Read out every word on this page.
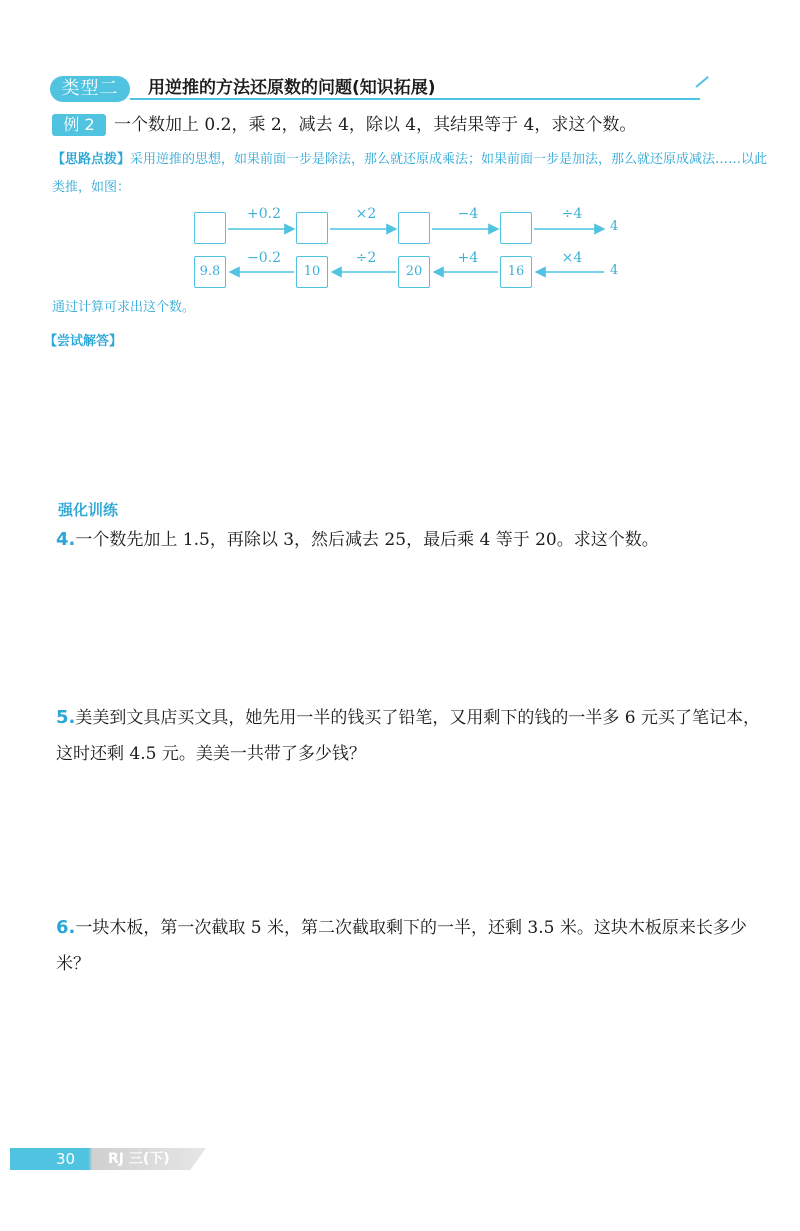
类型二	用逆推的方法还原数的问题(知识拓展)
例 2	一个数加上 0.2，乘 2，减去 4，除以 4，其结果等于 4，求这个数。
【思路点拨】采用逆推的思想，如果前面一步是除法，那么就还原成乘法；如果前面一步是加法，那么就还原成减法……以此类推，如图：
+0.2	×2	−4	÷4
4
9.8	10	20	16
−0.2	÷2	+4	×4
4
通过计算可求出这个数。
【尝试解答】
强化训练
4.一个数先加上 1.5，再除以 3，然后减去 25，最后乘 4 等于 20。求这个数。
5.美美到文具店买文具，她先用一半的钱买了铅笔，又用剩下的钱的一半多 6 元买了笔记本，这时还剩 4.5 元。美美一共带了多少钱？
6.一块木板，第一次截取 5 米，第二次截取剩下的一半，还剩 3.5 米。这块木板原来长多少米？
30 RJ 三(下)
